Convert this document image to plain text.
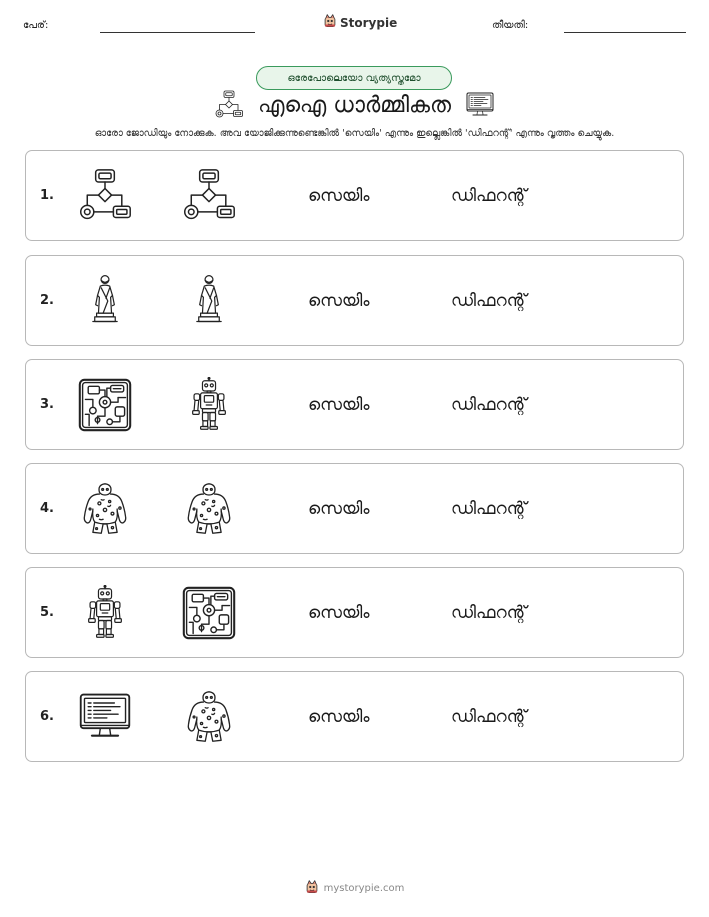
പേര്:	Storypie	തീയതി:
ഒരേപോലെയോ വ്യത്യസ്തമോ
എഐ ധാർമ്മികത
ഓരോ ജോഡിയും നോക്കുക. അവ യോജിക്കുന്നുണ്ടെങ്കിൽ 'സെയിം' എന്നും ഇല്ലെങ്കിൽ 'ഡിഫറന്റ്' എന്നും വൃത്തം ചെയ്യുക.
1.	സെയിം	ഡിഫറന്റ്
2.	സെയിം	ഡിഫറന്റ്
3.	സെയിം	ഡിഫറന്റ്
4.	സെയിം	ഡിഫറന്റ്
5.	സെയിം	ഡിഫറന്റ്
6.	സെയിം	ഡിഫറന്റ്
mystorypie.com
